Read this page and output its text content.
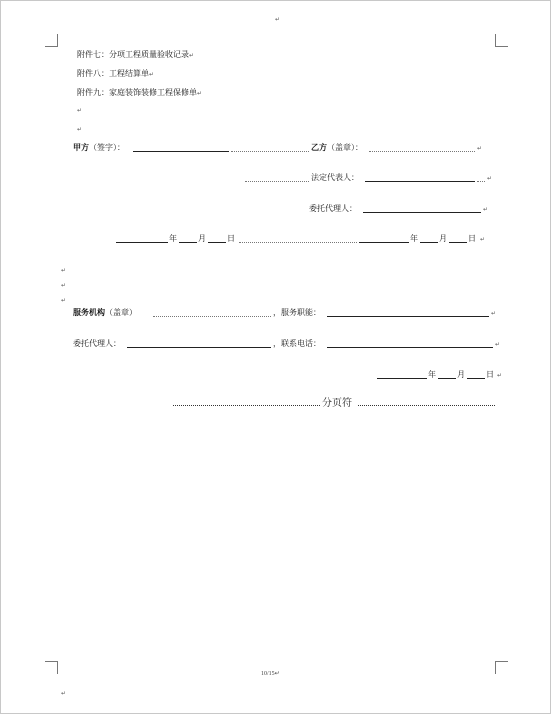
↵
附件七：分项工程质量验收记录↵
附件八：工程结算单↵
附件九：家庭装饰装修工程保修单↵
↵
↵
甲方（签字）：	乙方（盖章）：	↵
法定代表人：	↵
委托代理人：	↵
年	月	日	年	月	日 ↵
↵
↵
↵
服务机构（盖章）	，服务职能：	↵
委托代理人：	，联系电话：	↵
年	月	日 ↵
分页符
10/15↵
↵
